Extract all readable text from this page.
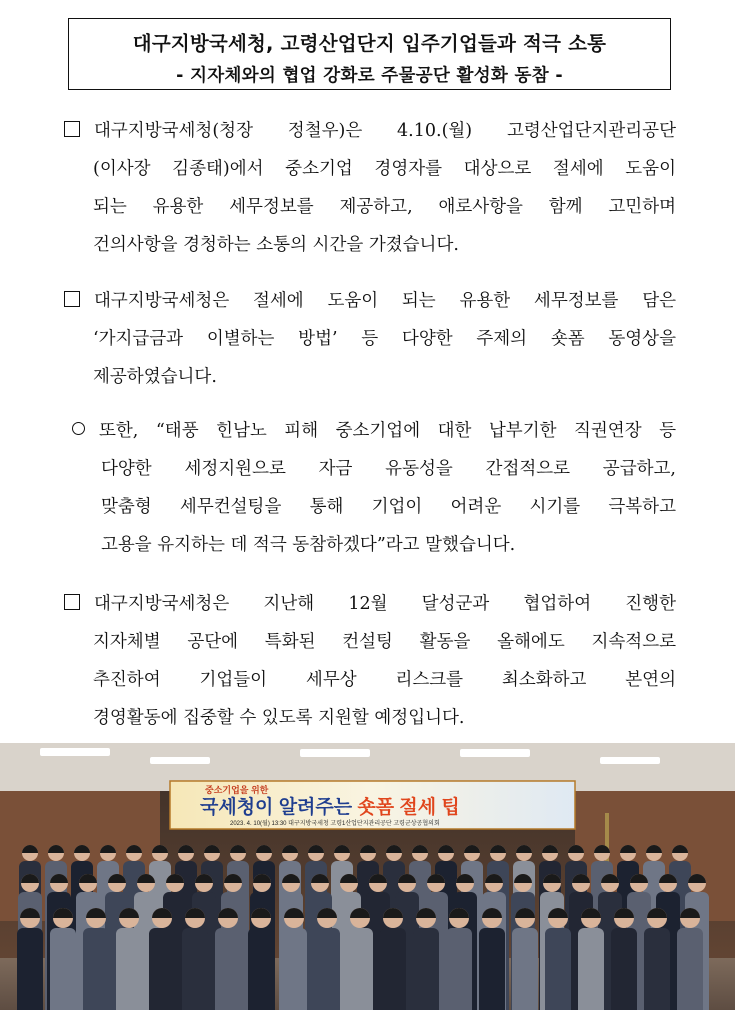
대구지방국세청, 고령산업단지 입주기업들과 적극 소통
- 지자체와의 협업 강화로 주물공단 활성화 동참 -
대구지방국세청(청장 정철우)은 4.10.(월) 고령산업단지관리공단
(이사장 김종태)에서 중소기업 경영자를 대상으로 절세에 도움이
되는 유용한 세무정보를 제공하고, 애로사항을 함께 고민하며
건의사항을 경청하는 소통의 시간을 가졌습니다.
대구지방국세청은 절세에 도움이 되는 유용한 세무정보를 담은
‘가지급금과 이별하는 방법’ 등 다양한 주제의 숏폼 동영상을
제공하였습니다.
또한, “태풍 힌남노 피해 중소기업에 대한 납부기한 직권연장 등
다양한 세정지원으로 자금 유동성을 간접적으로 공급하고,
맞춤형 세무컨설팅을 통해 기업이 어려운 시기를 극복하고
고용을 유지하는 데 적극 동참하겠다”라고 말했습니다.
대구지방국세청은 지난해 12월 달성군과 협업하여 진행한
지자체별 공단에 특화된 컨설팅 활동을 올해에도 지속적으로
추진하여 기업들이 세무상 리스크를 최소화하고 본연의
경영활동에 집중할 수 있도록 지원할 예정입니다.
중소기업을 위한
국세청이 알려주는 숏폼 절세 팁
2023. 4. 10(월) 13:30 대구지방국세청 고령1산업단지관리공단 고령군상공협의회
